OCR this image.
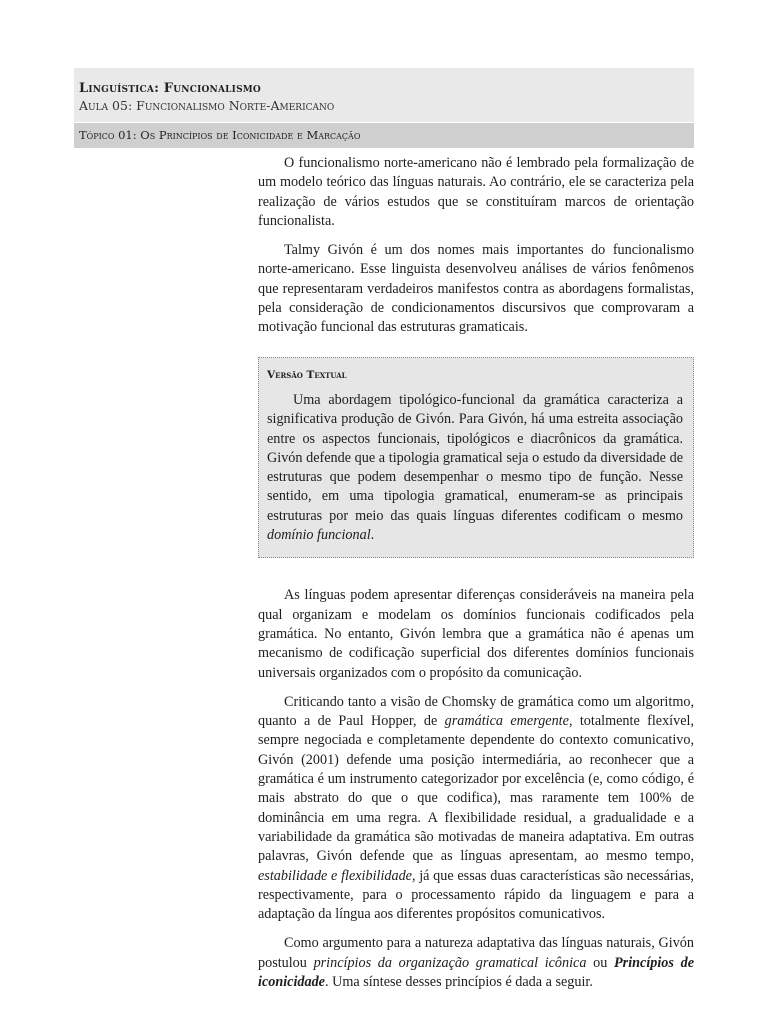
Linguística: Funcionalismo
Aula 05: Funcionalismo Norte-Americano
Tópico 01: Os Princípios de Iconicidade e Marcação

O funcionalismo norte-americano não é lembrado pela formalização de um modelo teórico das línguas naturais. Ao contrário, ele se caracteriza pela realização de vários estudos que se constituíram marcos de orientação funcionalista.

Talmy Givón é um dos nomes mais importantes do funcionalismo norte-americano. Esse linguista desenvolveu análises de vários fenômenos que representaram verdadeiros manifestos contra as abordagens formalistas, pela consideração de condicionamentos discursivos que comprovaram a motivação funcional das estruturas gramaticais.

Versão Textual

Uma abordagem tipológico-funcional da gramática caracteriza a significativa produção de Givón. Para Givón, há uma estreita associação entre os aspectos funcionais, tipológicos e diacrônicos da gramática. Givón defende que a tipologia gramatical seja o estudo da diversidade de estruturas que podem desempenhar o mesmo tipo de função. Nesse sentido, em uma tipologia gramatical, enumeram-se as principais estruturas por meio das quais línguas diferentes codificam o mesmo domínio funcional.

As línguas podem apresentar diferenças consideráveis na maneira pela qual organizam e modelam os domínios funcionais codificados pela gramática. No entanto, Givón lembra que a gramática não é apenas um mecanismo de codificação superficial dos diferentes domínios funcionais universais organizados com o propósito da comunicação.

Criticando tanto a visão de Chomsky de gramática como um algoritmo, quanto a de Paul Hopper, de gramática emergente, totalmente flexível, sempre negociada e completamente dependente do contexto comunicativo, Givón (2001) defende uma posição intermediária, ao reconhecer que a gramática é um instrumento categorizador por excelência (e, como código, é mais abstrato do que o que codifica), mas raramente tem 100% de dominância em uma regra. A flexibilidade residual, a gradualidade e a variabilidade da gramática são motivadas de maneira adaptativa. Em outras palavras, Givón defende que as línguas apresentam, ao mesmo tempo, estabilidade e flexibilidade, já que essas duas características são necessárias, respectivamente, para o processamento rápido da linguagem e para a adaptação da língua aos diferentes propósitos comunicativos.

Como argumento para a natureza adaptativa das línguas naturais, Givón postulou princípios da organização gramatical icônica ou Princípios de iconicidade. Uma síntese desses princípios é dada a seguir.
